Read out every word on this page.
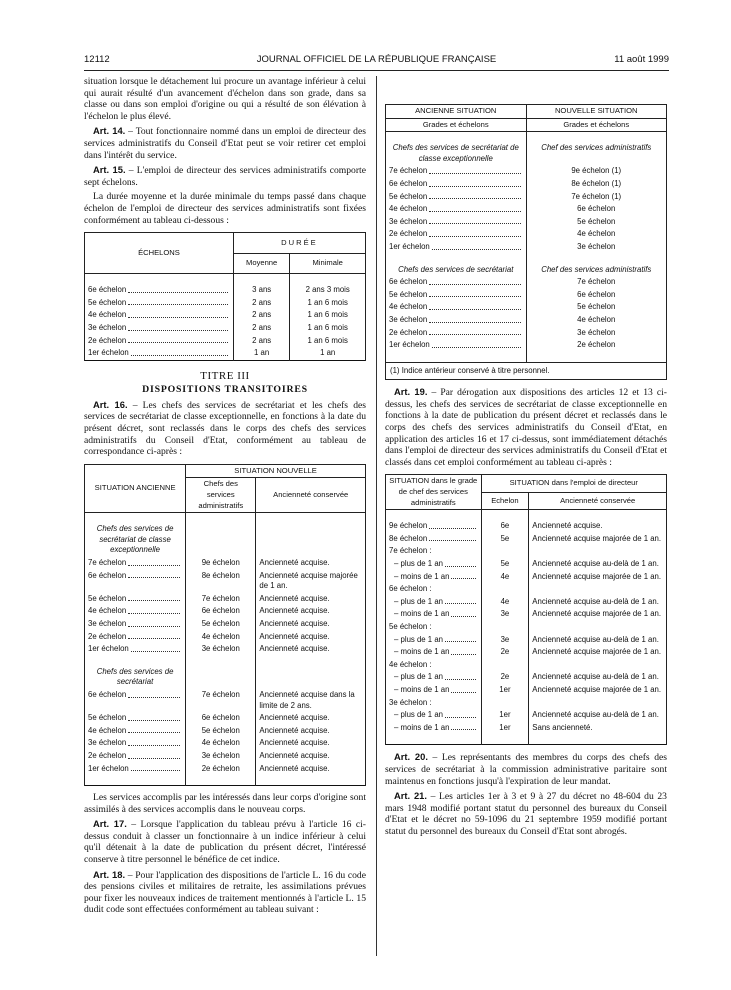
12112	JOURNAL OFFICIEL DE LA RÉPUBLIQUE FRANÇAISE	11 août 1999

situation lorsque le détachement lui procure un avantage inférieur à celui qui aurait résulté d'un avancement d'échelon dans son grade, dans sa classe ou dans son emploi d'origine ou qui a résulté de son élévation à l'échelon le plus élevé.

Art. 14. – Tout fonctionnaire nommé dans un emploi de directeur des services administratifs du Conseil d'Etat peut se voir retirer cet emploi dans l'intérêt du service.

Art. 15. – L'emploi de directeur des services administratifs comporte sept échelons.

La durée moyenne et la durée minimale du temps passé dans chaque échelon de l'emploi de directeur des services administratifs sont fixées conformément au tableau ci-dessous :

ÉCHELONS	DURÉE	
	Moyenne	Minimale

6e échelon	3 ans	2 ans 3 mois

5e échelon	2 ans	1 an 6 mois

4e échelon	2 ans	1 an 6 mois

3e échelon	2 ans	1 an 6 mois

2e échelon	2 ans	1 an 6 mois

1er échelon	1 an	1 an
TITRE III
DISPOSITIONS TRANSITOIRES

Art. 16. – Les chefs des services de secrétariat et les chefs des services de secrétariat de classe exceptionnelle, en fonctions à la date du présent décret, sont reclassés dans le corps des chefs des services administratifs du Conseil d'Etat, conformément au tableau de correspondance ci-après :

SITUATION ANCIENNE	SITUATION NOUVELLE	
	Chefs des services administratifs	Ancienneté conservée

Chefs des services de secrétariat de classe exceptionnelle		

7e échelon	9e échelon	Ancienneté acquise.

6e échelon	8e échelon	Ancienneté acquise majorée de 1 an.

5e échelon	7e échelon	Ancienneté acquise.

4e échelon	6e échelon	Ancienneté acquise.

3e échelon	5e échelon	Ancienneté acquise.

2e échelon	4e échelon	Ancienneté acquise.

1er échelon	3e échelon	Ancienneté acquise.

Chefs des services de secrétariat		

6e échelon	7e échelon	Ancienneté acquise dans la limite de 2 ans.

5e échelon	6e échelon	Ancienneté acquise.

4e échelon	5e échelon	Ancienneté acquise.

3e échelon	4e échelon	Ancienneté acquise.

2e échelon	3e échelon	Ancienneté acquise.

1er échelon	2e échelon	Ancienneté acquise.

Les services accomplis par les intéressés dans leur corps d'origine sont assimilés à des services accomplis dans le nouveau corps.

Art. 17. – Lorsque l'application du tableau prévu à l'article 16 ci-dessus conduit à classer un fonctionnaire à un indice inférieur à celui qu'il détenait à la date de publication du présent décret, l'intéressé conserve à titre personnel le bénéfice de cet indice.

Art. 18. – Pour l'application des dispositions de l'article L. 16 du code des pensions civiles et militaires de retraite, les assimilations prévues pour fixer les nouveaux indices de traitement mentionnés à l'article L. 15 dudit code sont effectuées conformément au tableau suivant :

ANCIENNE SITUATION	NOUVELLE SITUATION
Grades et échelons	Grades et échelons

Chefs des services de secrétariat de classe exceptionnelle	Chef des services administratifs

7e échelon	9e échelon (1)

6e échelon	8e échelon (1)

5e échelon	7e échelon (1)

4e échelon	6e échelon

3e échelon	5e échelon

2e échelon	4e échelon

1er échelon	3e échelon

Chefs des services de secrétariat	Chef des services administratifs

6e échelon	7e échelon

5e échelon	6e échelon

4e échelon	5e échelon

3e échelon	4e échelon

2e échelon	3e échelon

1er échelon	2e échelon

(1) Indice antérieur conservé à titre personnel.	

Art. 19. – Par dérogation aux dispositions des articles 12 et 13 ci-dessus, les chefs des services de secrétariat de classe exceptionnelle en fonctions à la date de publication du présent décret et reclassés dans le corps des chefs des services administratifs du Conseil d'Etat, en application des articles 16 et 17 ci-dessus, sont immédiatement détachés dans l'emploi de directeur des services administratifs du Conseil d'Etat et classés dans cet emploi conformément au tableau ci-après :

SITUATION dans le grade de chef des services administratifs	SITUATION dans l'emploi de directeur	
	Echelon	Ancienneté conservée

9e échelon	6e	Ancienneté acquise.

8e échelon	5e	Ancienneté acquise majorée de 1 an.

7e échelon :		

– plus de 1 an	5e	Ancienneté acquise au-delà de 1 an.

– moins de 1 an	4e	Ancienneté acquise majorée de 1 an.

6e échelon :		

– plus de 1 an	4e	Ancienneté acquise au-delà de 1 an.

– moins de 1 an	3e	Ancienneté acquise majorée de 1 an.

5e échelon :		

– plus de 1 an	3e	Ancienneté acquise au-delà de 1 an.

– moins de 1 an	2e	Ancienneté acquise majorée de 1 an.

4e échelon :		

– plus de 1 an	2e	Ancienneté acquise au-delà de 1 an.

– moins de 1 an	1er	Ancienneté acquise majorée de 1 an.

3e échelon :		

– plus de 1 an	1er	Ancienneté acquise au-delà de 1 an.

– moins de 1 an	1er	Sans ancienneté.

Art. 20. – Les représentants des membres du corps des chefs des services de secrétariat à la commission administrative paritaire sont maintenus en fonctions jusqu'à l'expiration de leur mandat.

Art. 21. – Les articles 1er à 3 et 9 à 27 du décret no 48-604 du 23 mars 1948 modifié portant statut du personnel des bureaux du Conseil d'Etat et le décret no 59-1096 du 21 septembre 1959 modifié portant statut du personnel des bureaux du Conseil d'Etat sont abrogés.
